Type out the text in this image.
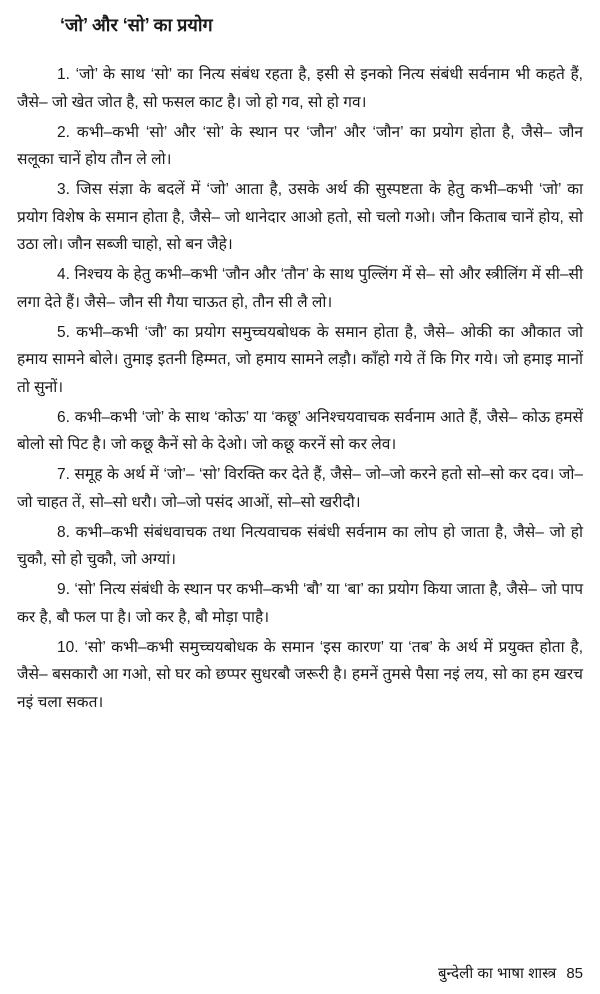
‘जो’ और ‘सो’ का प्रयोग

1. ‘जो’ के साथ ‘सो’ का नित्य संबंध रहता है, इसी से इनको नित्य संबंधी सर्वनाम भी कहते हैं, जैसे– जो खेत जोत है, सो फसल काट है। जो हो गव, सो हो गव।

2. कभी–कभी ‘सो’ और ‘सो’ के स्थान पर ‘जौन’ और ‘जौन’ का प्रयोग होता है, जैसे– जौन सलूका चानें होय तौन ले लो।

3. जिस संज्ञा के बदलें में ‘जो’ आता है, उसके अर्थ की सुस्पष्टता के हेतु कभी–कभी ‘जो’ का प्रयोग विशेष के समान होता है, जैसे– जो थानेदार आओ हतो, सो चलो गओ। जौन किताब चानें होय, सो उठा लो। जौन सब्जी चाहो, सो बन जैहे।

4. निश्चय के हेतु कभी–कभी ‘जौन और ‘तौन’ के साथ पुल्लिंग में से– सो और स्त्रीलिंग में सी–सी लगा देते हैं। जैसे– जौन सी गैया चाऊत हो, तौन सी लै लो।

5. कभी–कभी ‘जौ’ का प्रयोग समुच्चयबोधक के समान होता है, जैसे– ओकी का औकात जो हमाय सामने बोले। तुमाइ इतनी हिम्मत, जो हमाय सामने लड़ौ। कॉंहो गये तें कि गिर गये। जो हमाइ मानों तो सुनों।

6. कभी–कभी ‘जो’ के साथ ‘कोऊ’ या ‘कछू’ अनिश्चयवाचक सर्वनाम आते हैं, जैसे– कोऊ हमसें बोलो सो पिट है। जो कछू कैनें सो के देओ। जो कछू करनें सो कर लेव।

7. समूह के अर्थ में ‘जो’– ‘सो’ विरक्ति कर देते हैं, जैसे– जो–जो करने हतो सो–सो कर दव। जो–जो चाहत तें, सो–सो धरौ। जो–जो पसंद आओं, सो–सो खरीदौ।

8. कभी–कभी संबंधवाचक तथा नित्यवाचक संबंधी सर्वनाम का लोप हो जाता है, जैसे– जो हो चुकौ, सो हो चुकौ, जो अग्यां।

9. ‘सो’ नित्य संबंधी के स्थान पर कभी–कभी ‘बौ’ या ‘बा’ का प्रयोग किया जाता है, जैसे– जो पाप कर है, बौ फल पा है। जो कर है, बौ मोड़ा पाहै।

10. ‘सो’ कभी–कभी समुच्चयबोधक के समान ‘इस कारण’ या ‘तब’ के अर्थ में प्रयुक्त होता है, जैसे– बसकारौ आ गओ, सो घर को छप्पर सुधरबौ जरूरी है। हमनें तुमसे पैसा नइं लय, सो का हम खरच नइं चला सकत।

बुन्देली का भाषा शास्त्र 85
